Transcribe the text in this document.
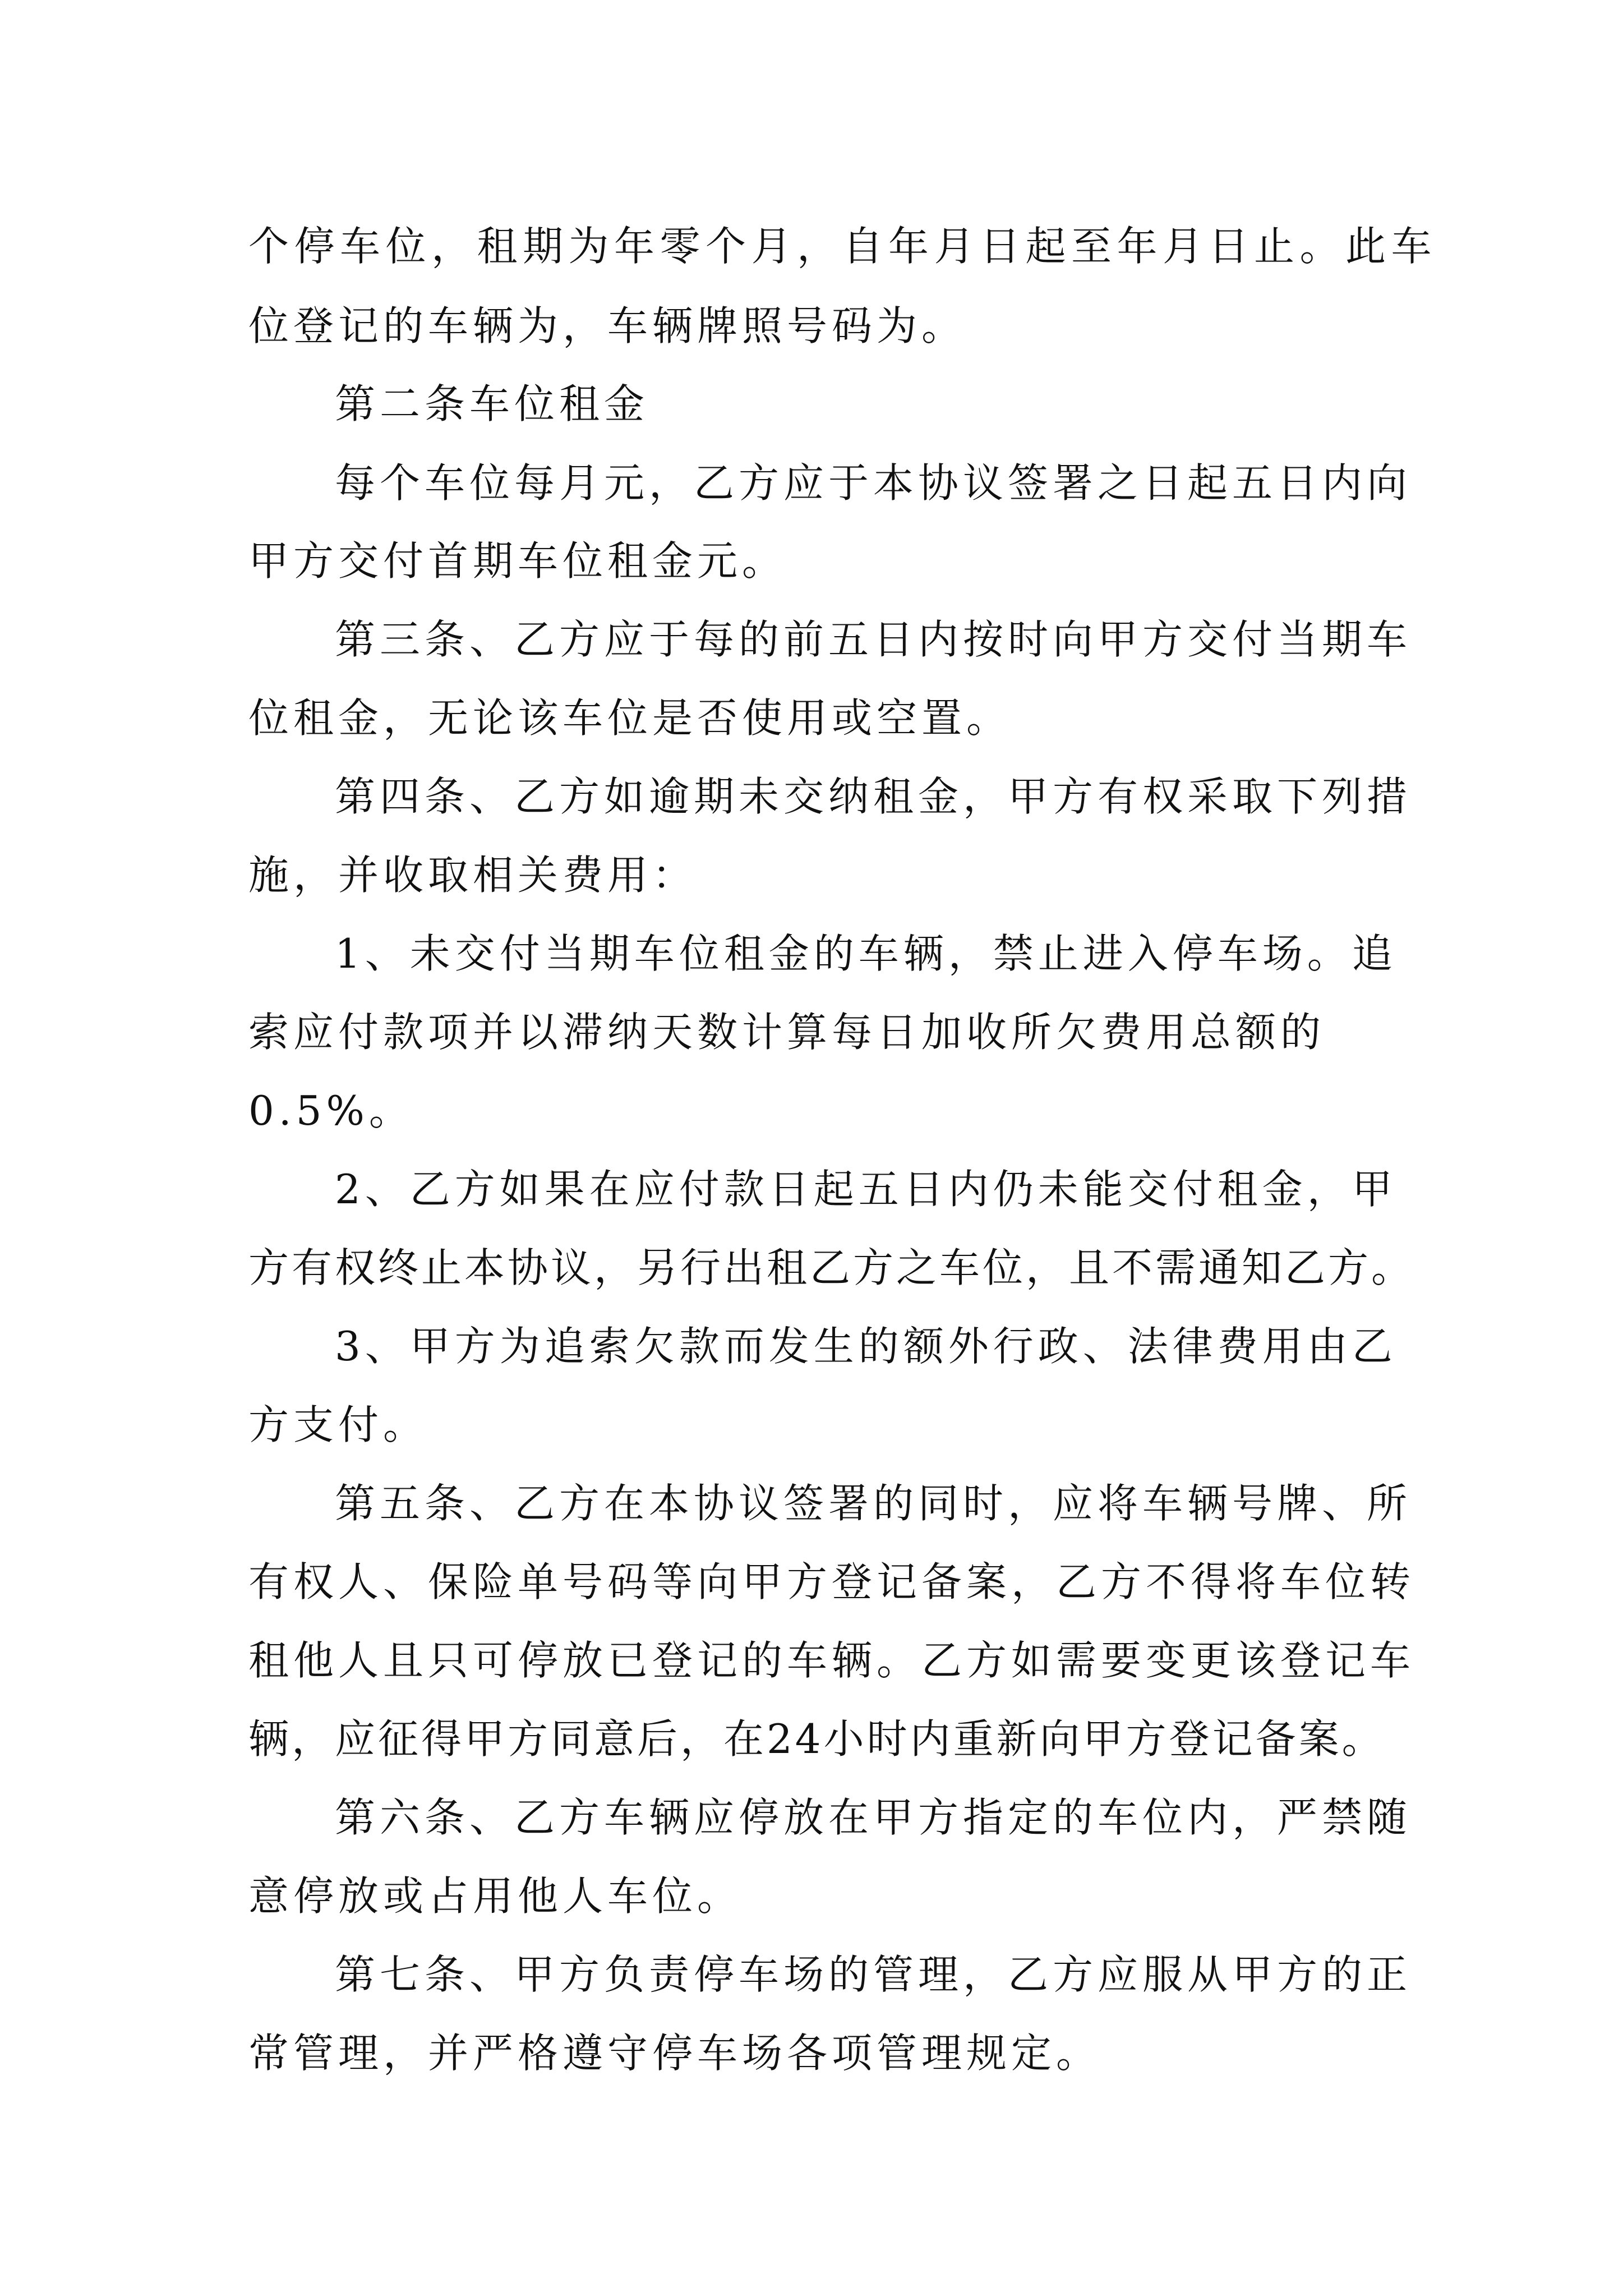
个停车位，租期为年零个月，自年月日起至年月日止。此车
位登记的车辆为，车辆牌照号码为。
第二条车位租金
每个车位每月元，乙方应于本协议签署之日起五日内向
甲方交付首期车位租金元。
第三条、乙方应于每的前五日内按时向甲方交付当期车
位租金，无论该车位是否使用或空置。
第四条、乙方如逾期未交纳租金，甲方有权采取下列措
施，并收取相关费用：
1、未交付当期车位租金的车辆，禁止进入停车场。追
索应付款项并以滞纳天数计算每日加收所欠费用总额的
0.5%。
2、乙方如果在应付款日起五日内仍未能交付租金，甲
方有权终止本协议，另行出租乙方之车位，且不需通知乙方。
3、甲方为追索欠款而发生的额外行政、法律费用由乙
方支付。
第五条、乙方在本协议签署的同时，应将车辆号牌、所
有权人、保险单号码等向甲方登记备案，乙方不得将车位转
租他人且只可停放已登记的车辆。乙方如需要变更该登记车
辆，应征得甲方同意后，在24小时内重新向甲方登记备案。
第六条、乙方车辆应停放在甲方指定的车位内，严禁随
意停放或占用他人车位。
第七条、甲方负责停车场的管理，乙方应服从甲方的正
常管理，并严格遵守停车场各项管理规定。
